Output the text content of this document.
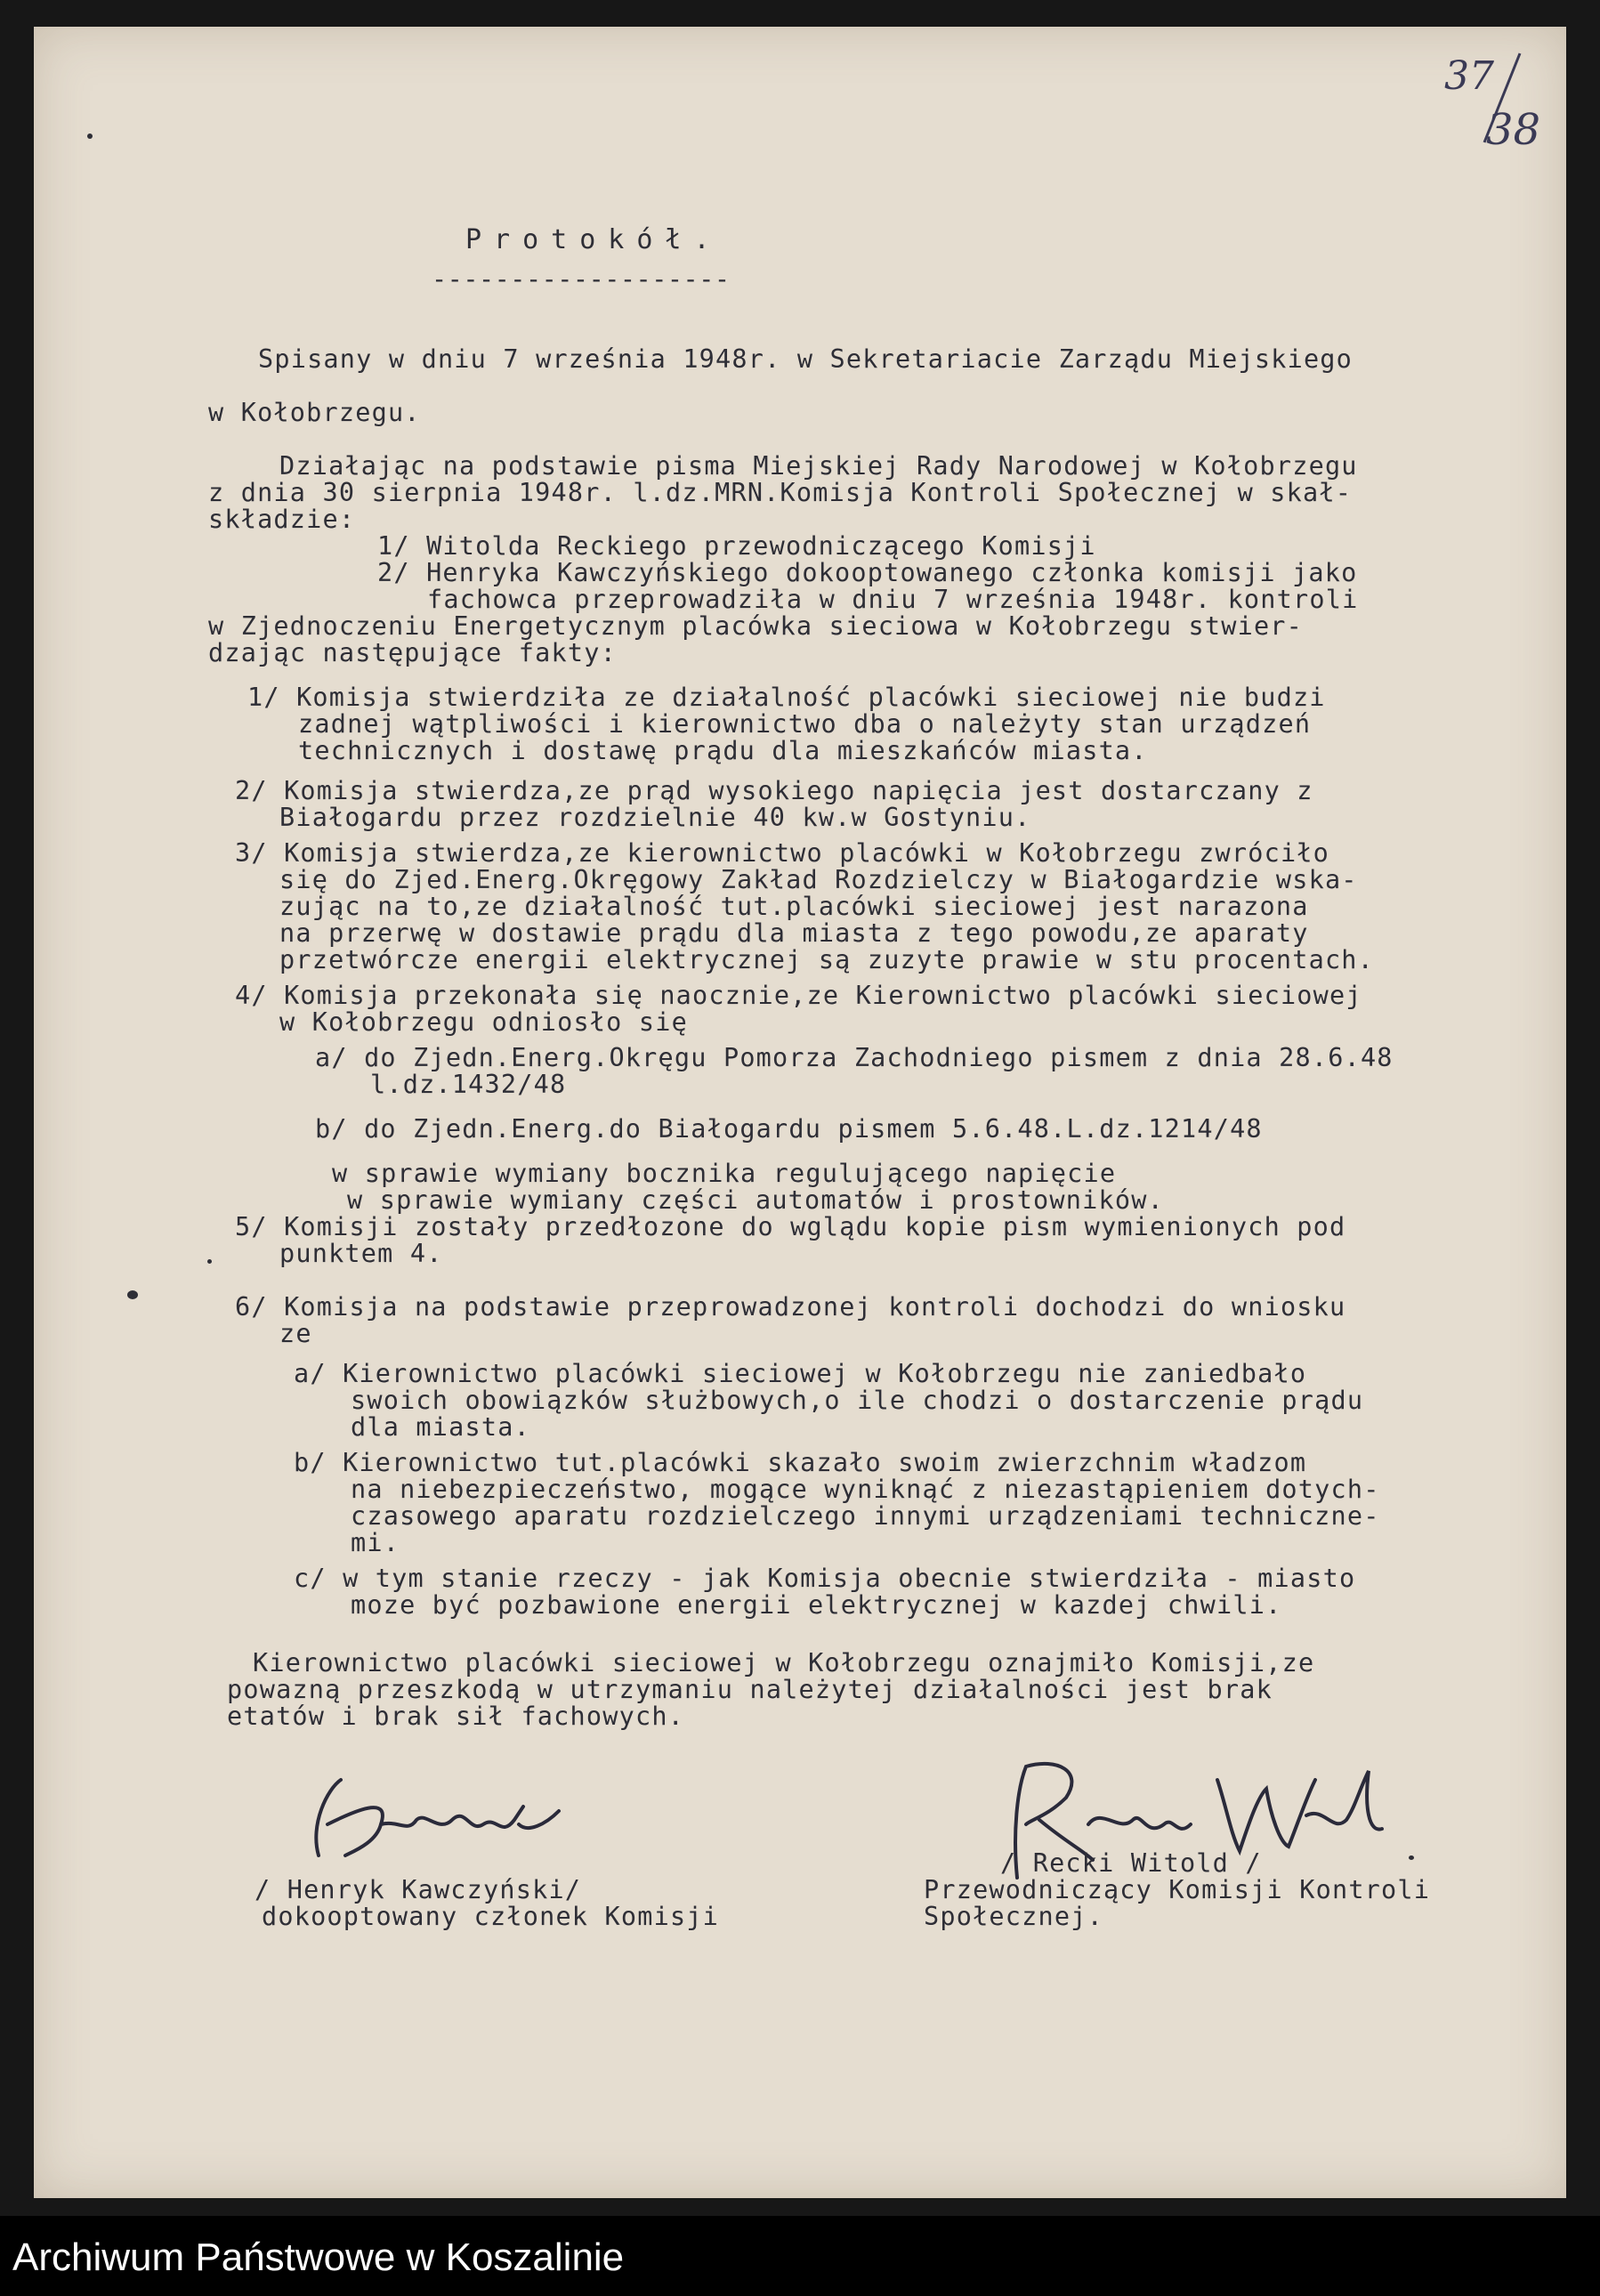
37
38
Protokół.
-------------------
Spisany w dniu 7 września 1948r. w Sekretariacie Zarządu Miejskiego
w Kołobrzegu.
Działając na podstawie pisma Miejskiej Rady Narodowej w Kołobrzegu
z dnia 30 sierpnia 1948r. l.dz.MRN.Komisja Kontroli Społecznej w skał-
składzie:
1/ Witolda Reckiego przewodniczącego Komisji
2/ Henryka Kawczyńskiego dokooptowanego członka komisji jako
fachowca przeprowadziła w dniu 7 września 1948r. kontroli
w Zjednoczeniu Energetycznym placówka sieciowa w Kołobrzegu stwier-
dzając następujące fakty:
1/ Komisja stwierdziła ze działalność placówki sieciowej nie budzi
zadnej wątpliwości i kierownictwo dba o należyty stan urządzeń
technicznych i dostawę prądu dla mieszkańców miasta.
2/ Komisja stwierdza,ze prąd wysokiego napięcia jest dostarczany z
Białogardu przez rozdzielnie 40 kw.w Gostyniu.
3/ Komisja stwierdza,ze kierownictwo placówki w Kołobrzegu zwróciło
się do Zjed.Energ.Okręgowy Zakład Rozdzielczy w Białogardzie wska-
zując na to,ze działalność tut.placówki sieciowej jest narazona
na przerwę w dostawie prądu dla miasta z tego powodu,ze aparaty
przetwórcze energii elektrycznej są zuzyte prawie w stu procentach.
4/ Komisja przekonała się naocznie,ze Kierownictwo placówki sieciowej
w Kołobrzegu odniosło się
a/ do Zjedn.Energ.Okręgu Pomorza Zachodniego pismem z dnia 28.6.48
l.dz.1432/48
b/ do Zjedn.Energ.do Białogardu pismem 5.6.48.L.dz.1214/48
w sprawie wymiany bocznika regulującego napięcie
w sprawie wymiany części automatów i prostowników.
5/ Komisji zostały przedłozone do wglądu kopie pism wymienionych pod
punktem 4.
6/ Komisja na podstawie przeprowadzonej kontroli dochodzi do wniosku
ze
a/ Kierownictwo placówki sieciowej w Kołobrzegu nie zaniedbało
swoich obowiązków służbowych,o ile chodzi o dostarczenie prądu
dla miasta.
b/ Kierownictwo tut.placówki skazało swoim zwierzchnim władzom
na niebezpieczeństwo, mogące wyniknąć z niezastąpieniem dotych-
czasowego aparatu rozdzielczego innymi urządzeniami techniczne-
mi.
c/ w tym stanie rzeczy - jak Komisja obecnie stwierdziła - miasto
moze być pozbawione energii elektrycznej w kazdej chwili.
Kierownictwo placówki sieciowej w Kołobrzegu oznajmiło Komisji,ze
powazną przeszkodą w utrzymaniu należytej działalności jest brak
etatów i brak sił fachowych.
/ Henryk Kawczyński/
dokooptowany członek Komisji
/ Recki Witold /
Przewodniczący Komisji Kontroli
Społecznej.
Archiwum Państwowe w Koszalinie
